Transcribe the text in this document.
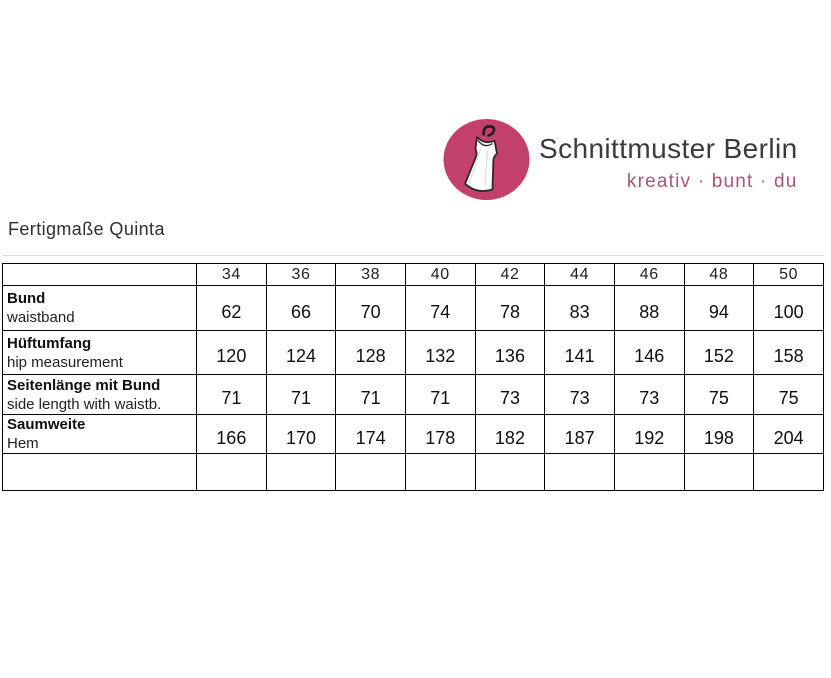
Schnittmuster Berlin
kreativ · bunt · du
Fertigmaße Quinta
	34	36	38	40	42	44	46	48	50

Bund
waistband	62	66	70	74	78	83	88	94	100

Hüftumfang
hip measurement	120	124	128	132	136	141	146	152	158

Seitenlänge mit Bund
side length with waistb.	71	71	71	71	73	73	73	75	75

Saumweite
Hem	166	170	174	178	182	187	192	198	204
